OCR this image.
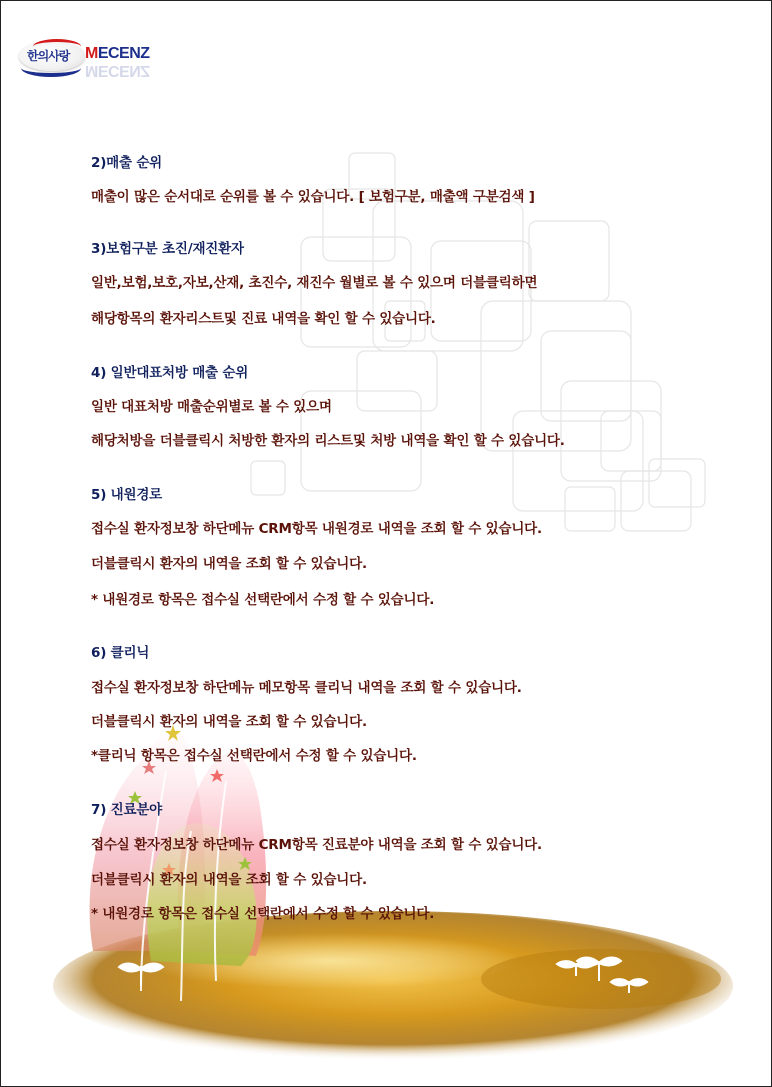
한의사랑 MECENZ
MECENZ
2)매출 순위
매출이 많은 순서대로 순위를 볼 수 있습니다. [ 보험구분, 매출액 구분검색 ]
3)보험구분 초진/재진환자
일반,보험,보호,자보,산재, 초진수, 재진수 월별로 볼 수 있으며 더블클릭하면
해당항목의 환자리스트및 진료 내역을 확인 할 수 있습니다.
4) 일반대표처방 매출 순위
일반 대표처방 매출순위별로 볼 수 있으며
해당처방을 더블클릭시 처방한 환자의 리스트및 처방 내역을 확인 할 수 있습니다.
5) 내원경로
접수실 환자정보창 하단메뉴 CRM항목 내원경로 내역을 조회 할 수 있습니다.
더블클릭시 환자의 내역을 조회 할 수 있습니다.
* 내원경로 항목은 접수실 선택란에서 수정 할 수 있습니다.
6) 클리닉
접수실 환자정보창 하단메뉴 메모항목 클리닉 내역을 조회 할 수 있습니다.
더블클릭시 환자의 내역을 조회 할 수 있습니다.
*클리닉 항목은 접수실 선택란에서 수정 할 수 있습니다.
7) 진료분야
접수실 환자정보창 하단메뉴 CRM항목 진료분야 내역을 조회 할 수 있습니다.
더블클릭시 환자의 내역을 조회 할 수 있습니다.
* 내원경로 항목은 접수실 선택란에서 수정 할 수 있습니다.
